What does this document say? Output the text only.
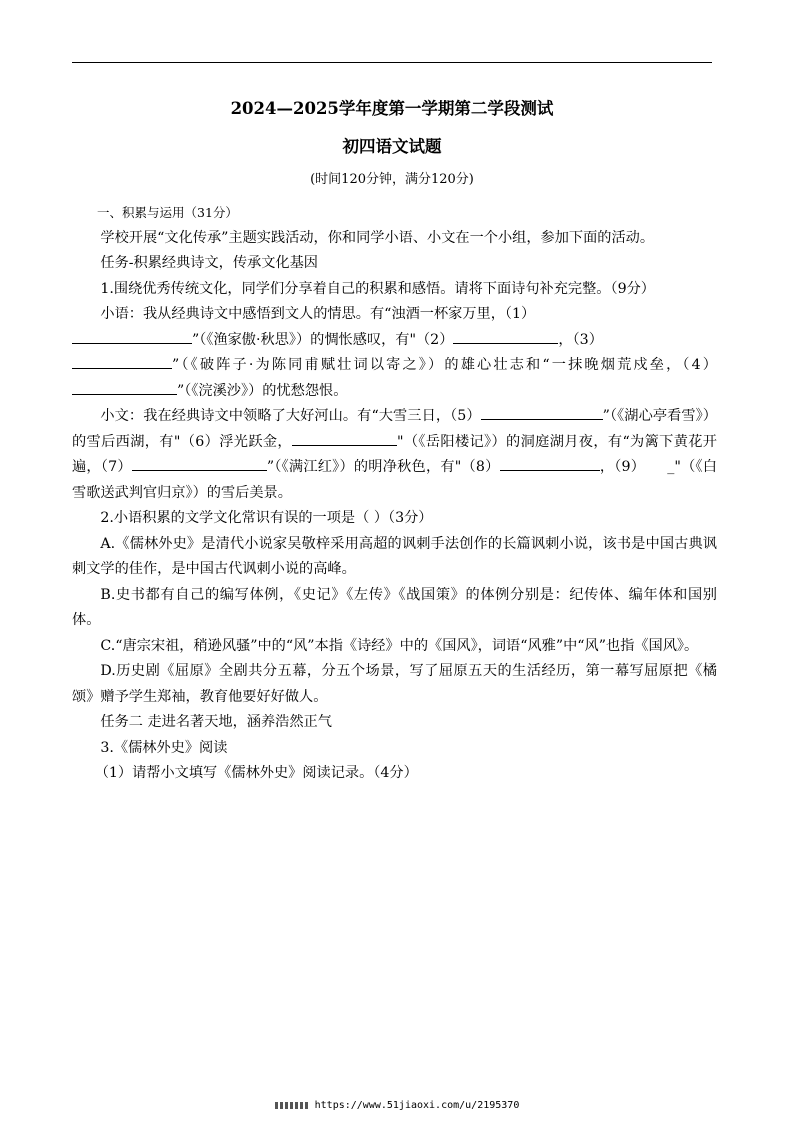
2024—2025学年度第一学期第二学段测试
初四语文试题
(时间120分钟，满分120分)

一、积累与运用（31分）

学校开展“文化传承”主题实践活动，你和同学小语、小文在一个小组，参加下面的活动。

任务-积累经典诗文，传承文化基因

1.围绕优秀传统文化，同学们分享着自己的积累和感悟。请将下面诗句补充完整。（9分）

小语：我从经典诗文中感悟到文人的情思。有“浊酒一杯家万里，（1）
”（《渔家傲·秋思》）的惆怅感叹，有"（2）	，（3）
”（《破阵子·为陈同甫赋壮词以寄之》）的雄心壮志和“一抹晚烟荒戍垒，（4）”（《浣溪沙》）的忧愁怨恨。

小文：我在经典诗文中领略了大好河山。有“大雪三日，（5）	”（《湖心亭看雪》）的雪后西湖，有"（6）浮光跃金，	"（《岳阳楼记》）的洞庭湖月夜，有“为篱下黄花开遍，（7）	”（《满江红》）的明净秋色，有"（8）	，（9） _"（《白雪歌送武判官归京》）的雪后美景。

2.小语积累的文学文化常识有误的一项是（ ）（3分）

A.《儒林外史》是清代小说家吴敬梓采用高超的讽刺手法创作的长篇讽刺小说，该书是中国古典讽刺文学的佳作，是中国古代讽刺小说的高峰。

B.史书都有自己的编写体例，《史记》《左传》《战国策》的体例分别是：纪传体、编年体和国别体。

C.“唐宗宋祖，稍逊风骚”中的“风”本指《诗经》中的《国风》，词语“风雅”中“风”也指《国风》。

D.历史剧《屈原》全剧共分五幕，分五个场景，写了屈原五天的生活经历，第一幕写屈原把《橘颂》赠予学生郑袖，教育他要好好做人。

任务二 走进名著天地，涵养浩然正气

3.《儒林外史》阅读

（1）请帮小文填写《儒林外史》阅读记录。（4分）

https://www.51jiaoxi.com/u/2195370
